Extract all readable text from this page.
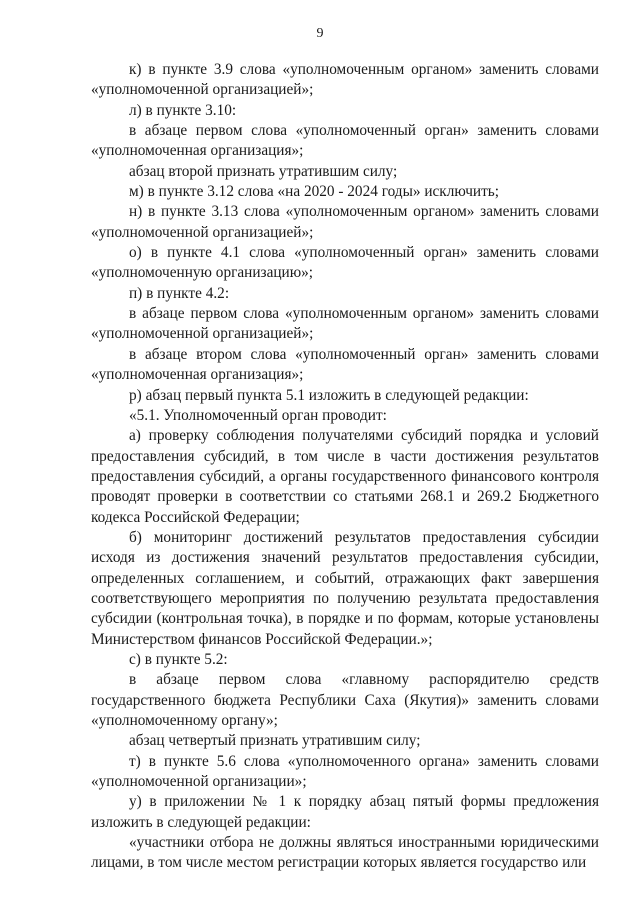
9

к) в пункте 3.9 слова «уполномоченным органом» заменить словами «уполномоченной организацией»;

л) в пункте 3.10:

в абзаце первом слова «уполномоченный орган» заменить словами «уполномоченная организация»;

абзац второй признать утратившим силу;

м) в пункте 3.12 слова «на 2020 - 2024 годы» исключить;

н) в пункте 3.13 слова «уполномоченным органом» заменить словами «уполномоченной организацией»;

о) в пункте 4.1 слова «уполномоченный орган» заменить словами «уполномоченную организацию»;

п) в пункте 4.2:

в абзаце первом слова «уполномоченным органом» заменить словами «уполномоченной организацией»;

в абзаце втором слова «уполномоченный орган» заменить словами «уполномоченная организация»;

р) абзац первый пункта 5.1 изложить в следующей редакции:

«5.1. Уполномоченный орган проводит:

а) проверку соблюдения получателями субсидий порядка и условий предоставления субсидий, в том числе в части достижения результатов предоставления субсидий, а органы государственного финансового контроля проводят проверки в соответствии со статьями 268.1 и 269.2 Бюджетного кодекса Российской Федерации;

б) мониторинг достижений результатов предоставления субсидии исходя из достижения значений результатов предоставления субсидии, определенных соглашением, и событий, отражающих факт завершения соответствующего мероприятия по получению результата предоставления субсидии (контрольная точка), в порядке и по формам, которые установлены Министерством финансов Российской Федерации.»;

с) в пункте 5.2:

в абзаце первом слова «главному распорядителю средств государственного бюджета Республики Саха (Якутия)» заменить словами «уполномоченному органу»;

абзац четвертый признать утратившим силу;

т) в пункте 5.6 слова «уполномоченного органа» заменить словами «уполномоченной организации»;

у) в приложении № 1 к порядку абзац пятый формы предложения изложить в следующей редакции:

«участники отбора не должны являться иностранными юридическими лицами, в том числе местом регистрации которых является государство или
